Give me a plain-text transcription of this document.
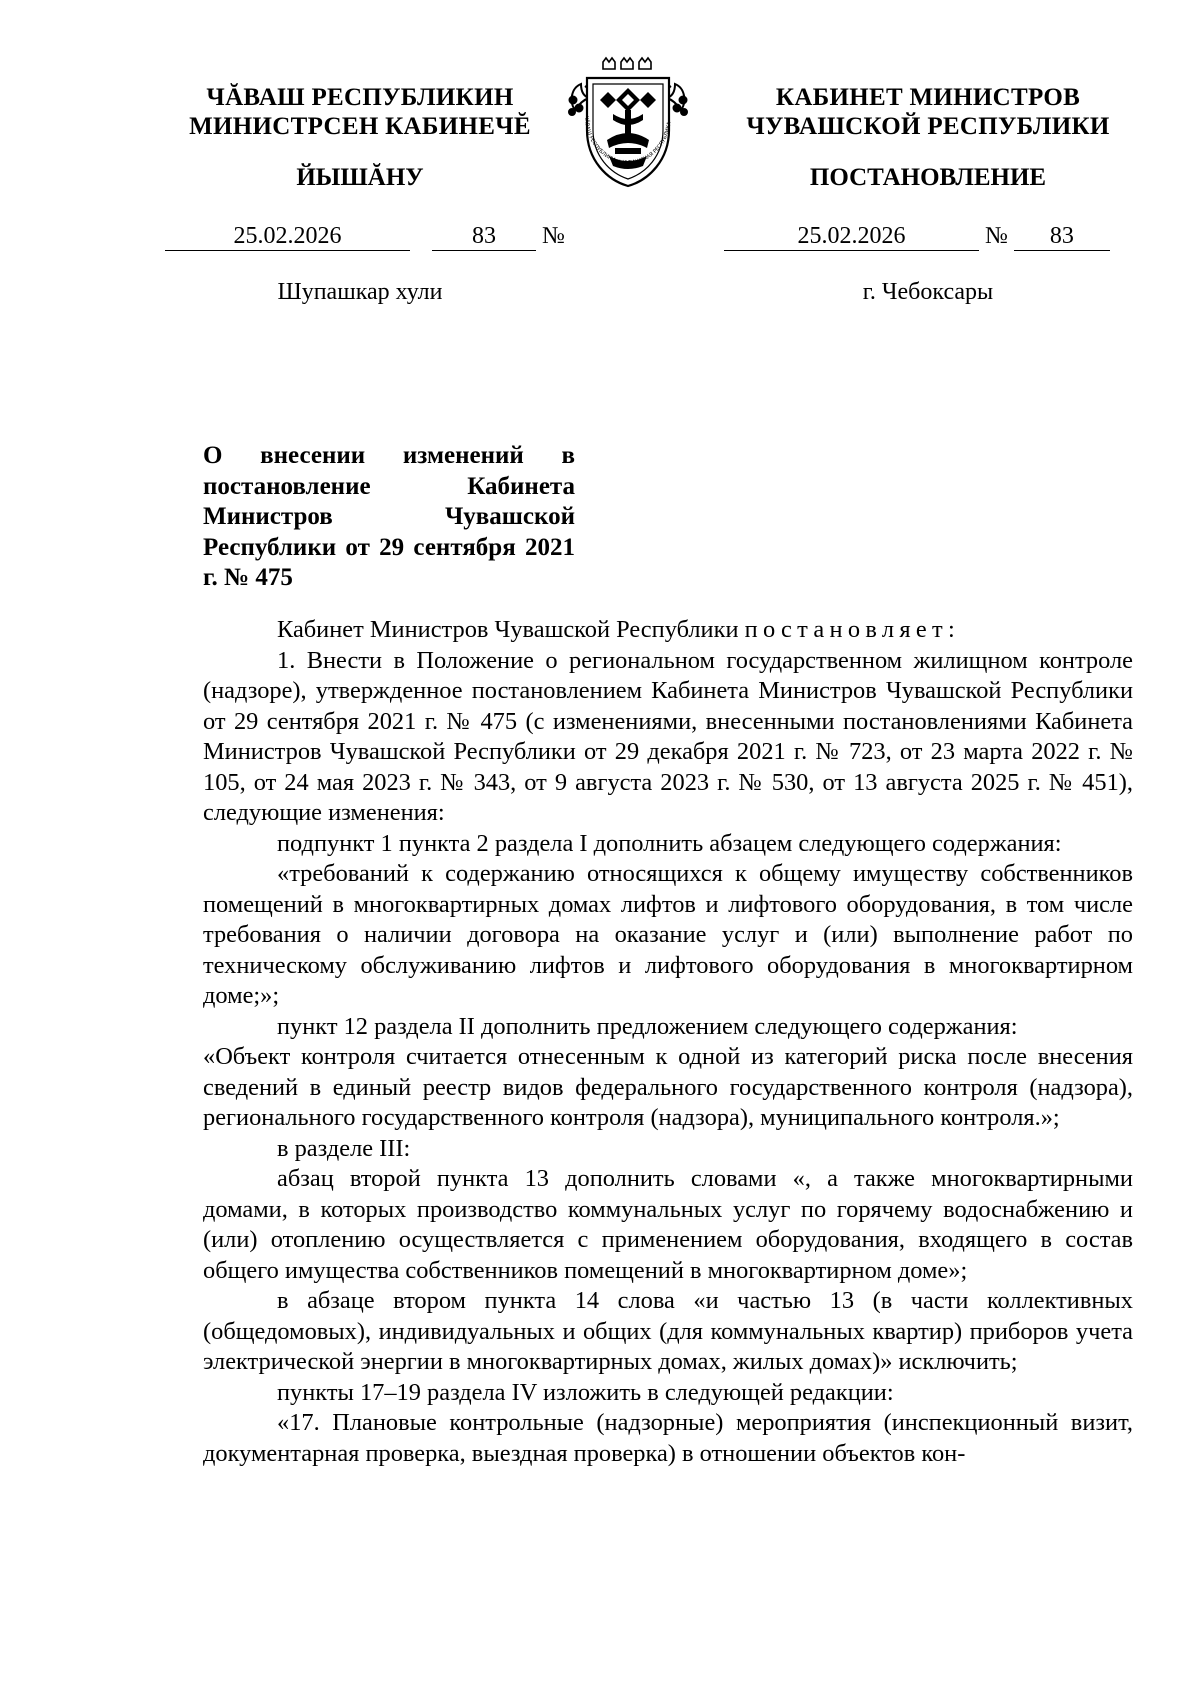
ЧĂВАШ РЕСПУБЛИКИН
МИНИСТРСЕН КАБИНЕЧĔ
ЙЫШĂНУ
ЧĂВАШ РЕСПУБЛИКИ ☼ ЧУВАШСКАЯ РЕСПУБЛИКА
КАБИНЕТ МИНИСТРОВ
ЧУВАШСКОЙ РЕСПУБЛИКИ
ПОСТАНОВЛЕНИЕ
25.02.2026	83 №	25.02.2026	№ 83
Шупашкар хули	г. Чебоксары
О внесении изменений в постановление Кабинета Министров Чувашской Республики от 29 сентября 2021 г. № 475

Кабинет Министров Чувашской Республики постановляет:

1. Внести в Положение о региональном государственном жилищном контроле (надзоре), утвержденное постановлением Кабинета Министров Чувашской Республики от 29 сентября 2021 г. № 475 (с изменениями, внесенными постановлениями Кабинета Министров Чувашской Республики от 29 декабря 2021 г. № 723, от 23 марта 2022 г. № 105, от 24 мая 2023 г. № 343, от 9 августа 2023 г. № 530, от 13 августа 2025 г. № 451), следующие изменения:

подпункт 1 пункта 2 раздела I дополнить абзацем следующего содержания:

«требований к содержанию относящихся к общему имуществу собственников помещений в многоквартирных домах лифтов и лифтового оборудования, в том числе требования о наличии договора на оказание услуг и (или) выполнение работ по техническому обслуживанию лифтов и лифтового оборудования в многоквартирном доме;»;

пункт 12 раздела II дополнить предложением следующего содержания:

«Объект контроля считается отнесенным к одной из категорий риска после внесения сведений в единый реестр видов федерального государственного контроля (надзора), регионального государственного контроля (надзора), муниципального контроля.»;

в разделе III:

абзац второй пункта 13 дополнить словами «, а также многоквартирными домами, в которых производство коммунальных услуг по горячему водоснабжению и (или) отоплению осуществляется с применением оборудования, входящего в состав общего имущества собственников помещений в многоквартирном доме»;

в абзаце втором пункта 14 слова «и частью 13 (в части коллективных (общедомовых), индивидуальных и общих (для коммунальных квартир) приборов учета электрической энергии в многоквартирных домах, жилых домах)» исключить;

пункты 17–19 раздела IV изложить в следующей редакции:

«17. Плановые контрольные (надзорные) мероприятия (инспекционный визит, документарная проверка, выездная проверка) в отношении объектов кон-
